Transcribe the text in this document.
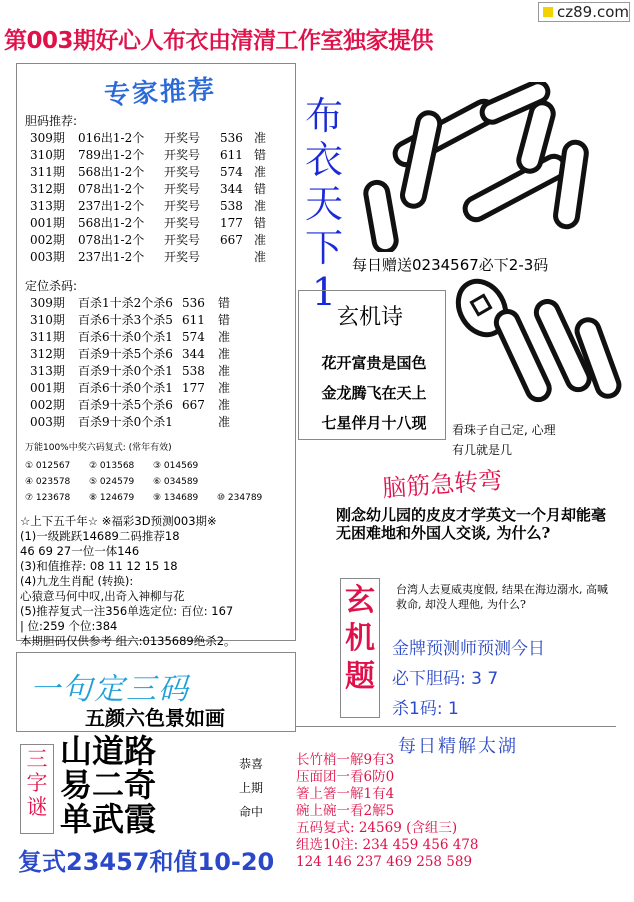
cz89.com
第003期好心人布衣由清清工作室独家提供
专家推荐
胆码推荐:
309期	016出1-2个	开奖号	536 准
310期	789出1-2个	开奖号	611 错
311期	568出1-2个	开奖号	574 准
312期	078出1-2个	开奖号	344 错
313期	237出1-2个	开奖号	538 准
001期	568出1-2个	开奖号	177 错
002期	078出1-2个	开奖号	667 准
003期	237出1-2个	开奖号	准
定位杀码:
309期	百杀1十杀2个杀6 536	错
310期	百杀6十杀3个杀5 611	错
311期	百杀6十杀0个杀1 574	准
312期	百杀9十杀5个杀6 344	准
313期	百杀9十杀0个杀1 538	准
001期	百杀6十杀0个杀1 177	准
002期	百杀9十杀5个杀6 667	准
003期	百杀9十杀0个杀1	准
万能100%中奖六码复式: (常年有效)
① 012567	② 013568	③ 014569
④ 023578	⑤ 024579	⑥ 034589
⑦ 123678	⑧ 124679	⑨ 134689	⑩ 234789
☆上下五千年☆ ※福彩3D预测003期※
(1)一级跳跃14689二码推荐18
46 69 27一位一体146
(3)和值推荐: 08 11 12 15 18
(4)九龙生肖配 (转换):
心猿意马何中叹,出奇入神柳与花
(5)推荐复式一注356单选定位: 百位: 167
| 位:259 个位:384
本期胆码仅供参考 组六:0135689绝杀2。
一句定三码
五颜六色景如画
三
字
谜
山道路
易二奇
单武霞
恭喜
上期
命中
复式23457和值10-20
布
衣
天
下
1
每日赠送0234567必下2-3码
玄机诗
花开富贵是国色
金龙腾飞在天上
七星伴月十八现	看珠子自己定, 心理
有几就是几
脑筋急转弯
刚念幼儿园的皮皮才学英文一个月却能毫无困难地和外国人交谈, 为什么?
玄
机
题
台湾人去夏威夷度假, 结果在海边溺水, 高喊救命, 却没人理他, 为什么?
金牌预测师预测今日
必下胆码: 3 7
杀1码: 1
每日精解太湖
长竹梢一解9有3
压面团一看6防0
箸上箸一解1有4
碗上碗一看2解5
五码复式: 24569 (含组三)
组选10注: 234 459 456 478
124 146 237 469 258 589
